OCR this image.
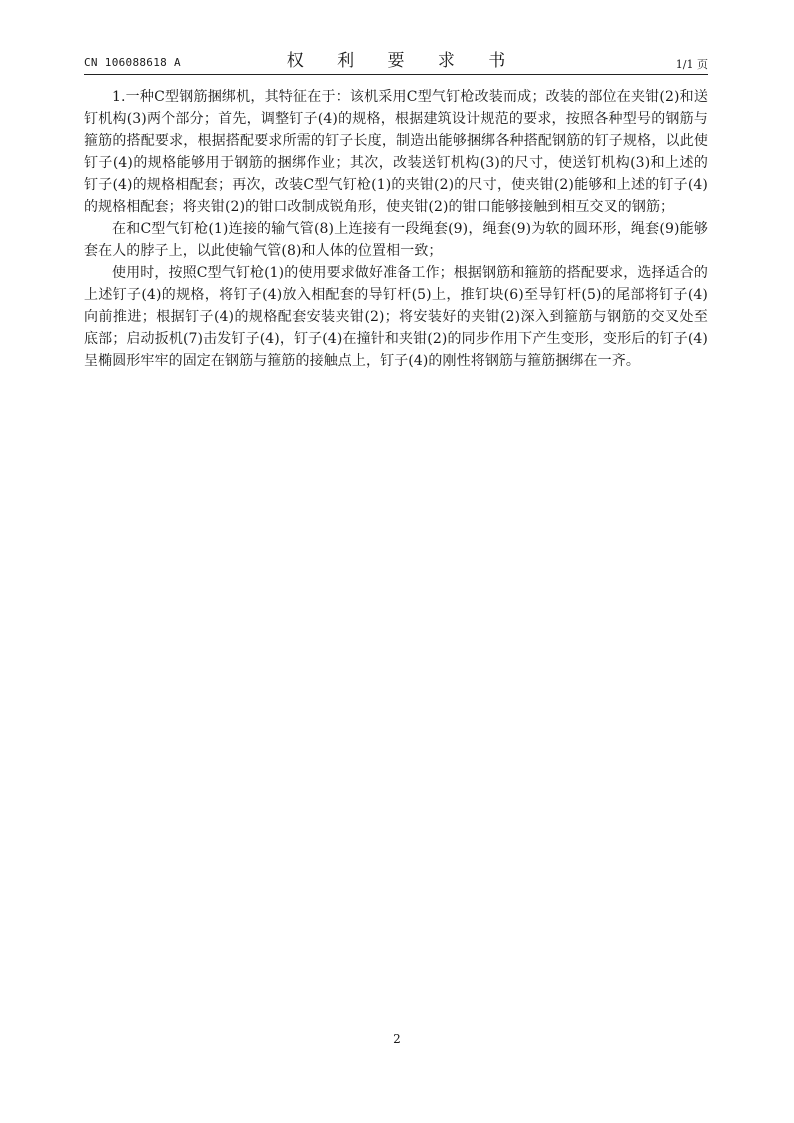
CN 106088618 A	权 利 要 求 书	1/1 页

1.一种C型钢筋捆绑机，其特征在于：该机采用C型气钉枪改装而成；改装的部位在夹钳(2)和送钉机构(3)两个部分；首先，调整钉子(4)的规格，根据建筑设计规范的要求，按照各种型号的钢筋与箍筋的搭配要求，根据搭配要求所需的钉子长度，制造出能够捆绑各种搭配钢筋的钉子规格，以此使钉子(4)的规格能够用于钢筋的捆绑作业；其次，改装送钉机构(3)的尺寸，使送钉机构(3)和上述的钉子(4)的规格相配套；再次，改装C型气钉枪(1)的夹钳(2)的尺寸，使夹钳(2)能够和上述的钉子(4)的规格相配套；将夹钳(2)的钳口改制成锐角形，使夹钳(2)的钳口能够接触到相互交叉的钢筋；

在和C型气钉枪(1)连接的输气管(8)上连接有一段绳套(9)，绳套(9)为软的圆环形，绳套(9)能够套在人的脖子上，以此使输气管(8)和人体的位置相一致；

使用时，按照C型气钉枪(1)的使用要求做好准备工作；根据钢筋和箍筋的搭配要求，选择适合的上述钉子(4)的规格，将钉子(4)放入相配套的导钉杆(5)上，推钉块(6)至导钉杆(5)的尾部将钉子(4)向前推进；根据钉子(4)的规格配套安装夹钳(2)；将安装好的夹钳(2)深入到箍筋与钢筋的交叉处至底部；启动扳机(7)击发钉子(4)，钉子(4)在撞针和夹钳(2)的同步作用下产生变形，变形后的钉子(4)呈椭圆形牢牢的固定在钢筋与箍筋的接触点上，钉子(4)的刚性将钢筋与箍筋捆绑在一齐。

2
